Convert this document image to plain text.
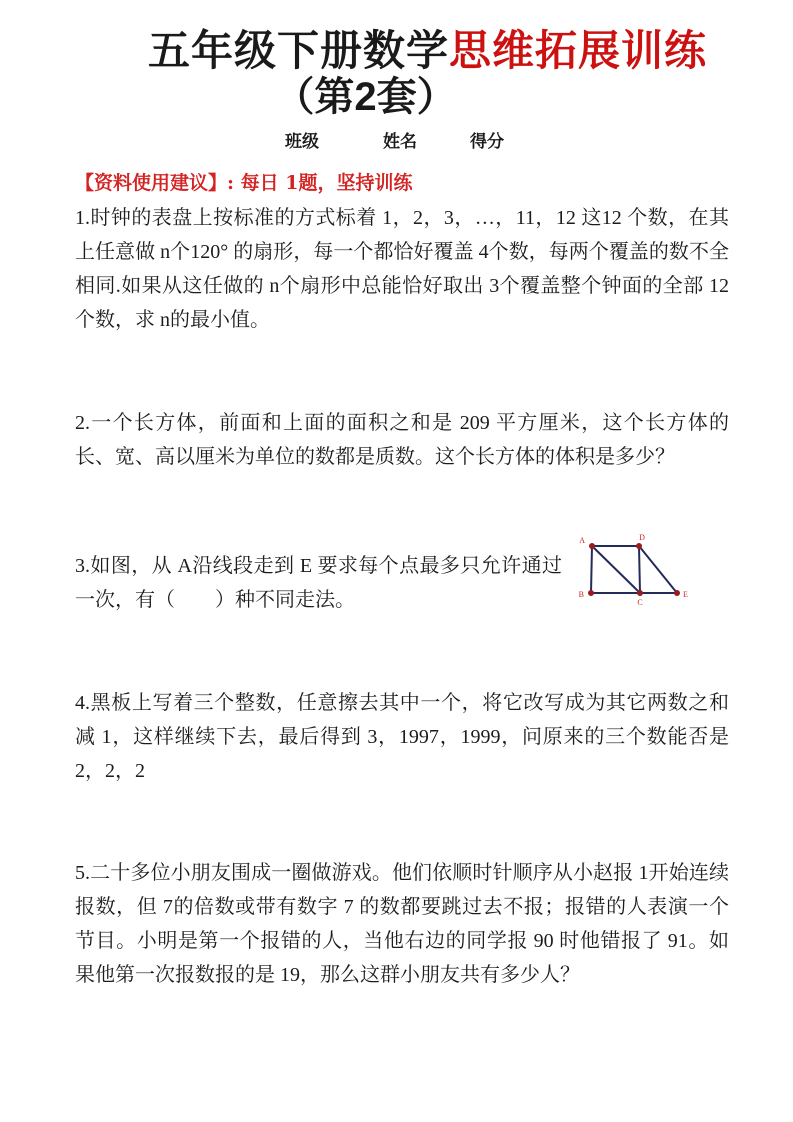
五年级下册数学思维拓展训练
（第2套）
班级	姓名	得分
【资料使用建议】: 每日 1题，坚持训练
1.时钟的表盘上按标准的方式标着 1，2，3，…，11，12 这12 个数，在其上任意做 n个120° 的扇形，每一个都恰好覆盖 4个数，每两个覆盖的数不全相同.如果从这任做的 n个扇形中总能恰好取出 3个覆盖整个钟面的全部 12 个数，求 n的最小值。
2.一个长方体，前面和上面的面积之和是 209 平方厘米，这个长方体的长、宽、高以厘米为单位的数都是质数。这个长方体的体积是多少？
3.如图，从 A沿线段走到 E 要求每个点最多只允许通过一次，有（　　）种不同走法。
4.黑板上写着三个整数，任意擦去其中一个，将它改写成为其它两数之和减 1，这样继续下去，最后得到 3，1997，1999，问原来的三个数能否是 2，2，2
5.二十多位小朋友围成一圈做游戏。他们依顺时针顺序从小赵报 1开始连续报数，但 7的倍数或带有数字 7 的数都要跳过去不报；报错的人表演一个节目。小明是第一个报错的人，当他右边的同学报 90 时他错报了 91。如果他第一次报数报的是 19，那么这群小朋友共有多少人？
A	D
B
C
E
